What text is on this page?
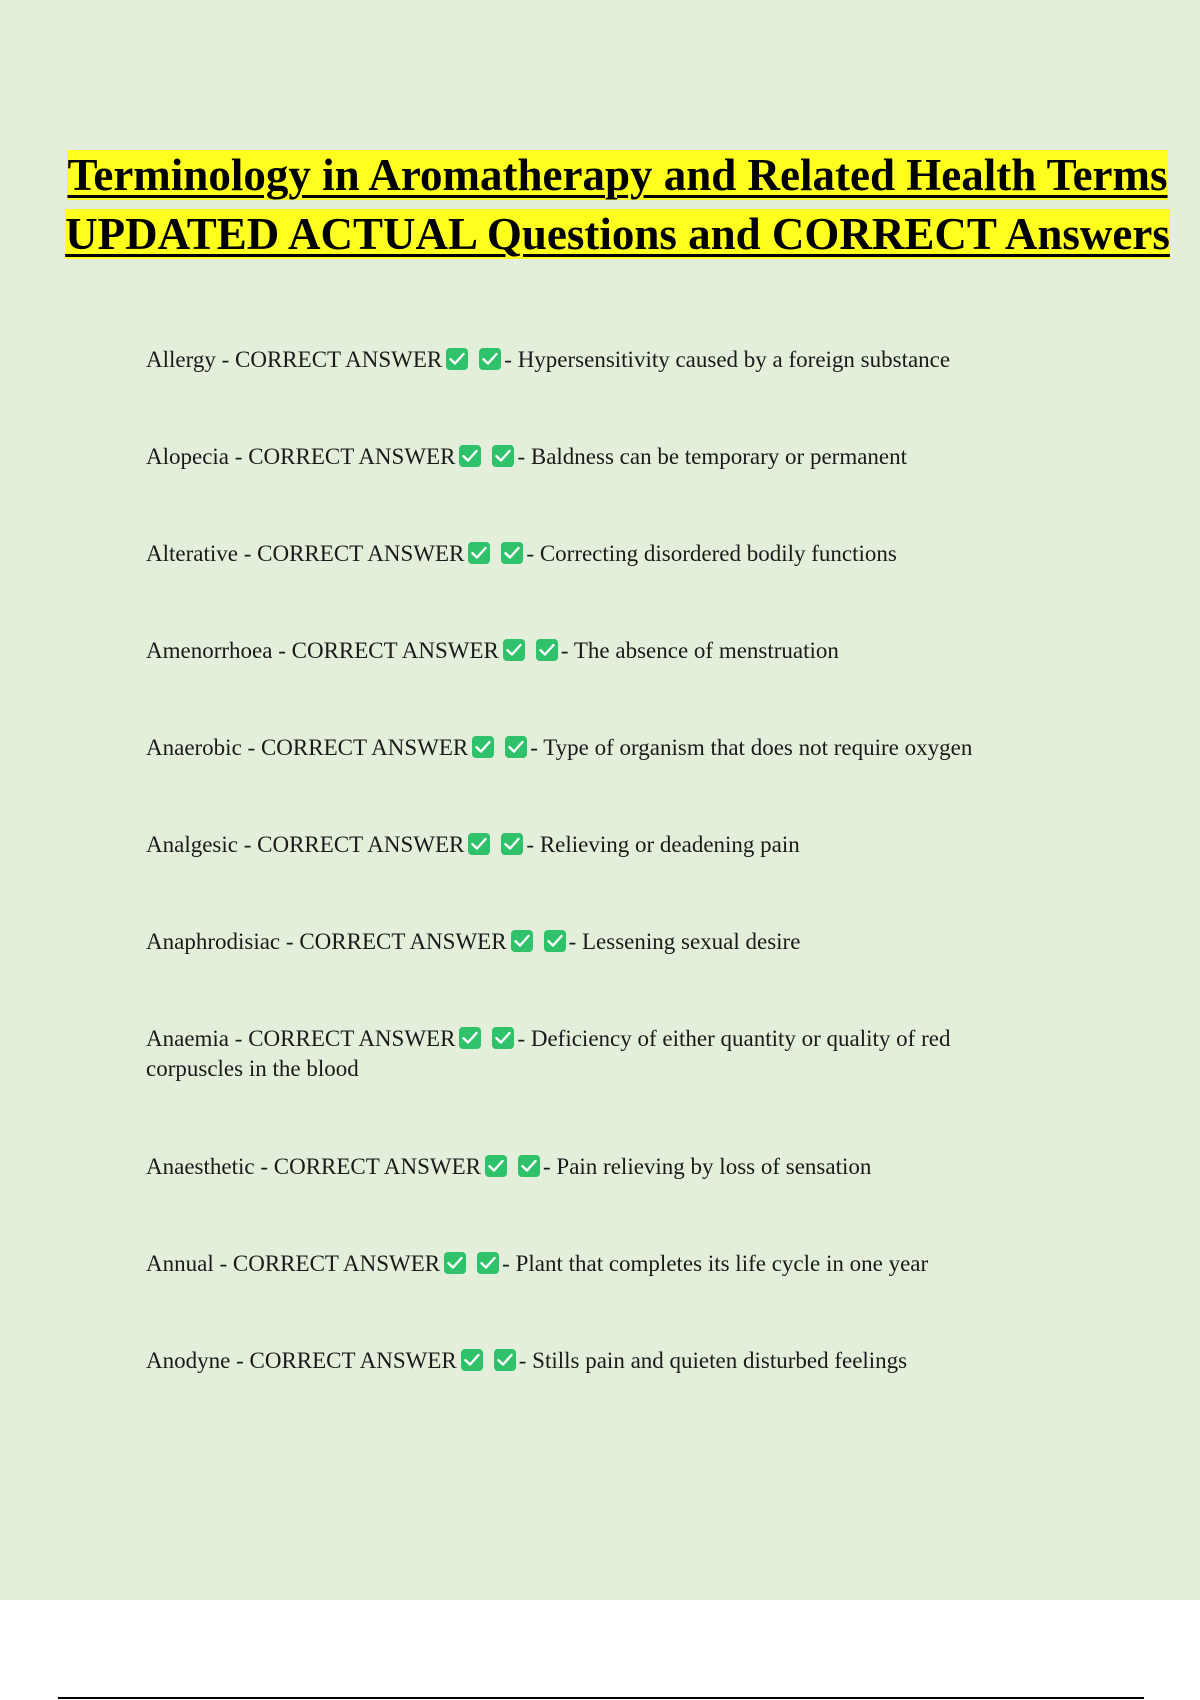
Terminology in Aromatherapy and Related Health Terms UPDATED ACTUAL Questions and CORRECT Answers
Allergy - CORRECT ANSWER	- Hypersensitivity caused by a foreign substance
Alopecia - CORRECT ANSWER	- Baldness can be temporary or permanent
Alterative - CORRECT ANSWER	- Correcting disordered bodily functions
Amenorrhoea - CORRECT ANSWER	- The absence of menstruation
Anaerobic - CORRECT ANSWER	- Type of organism that does not require oxygen
Analgesic - CORRECT ANSWER	- Relieving or deadening pain
Anaphrodisiac - CORRECT ANSWER	- Lessening sexual desire
Anaemia - CORRECT ANSWER	- Deficiency of either quantity or quality of red corpuscles in the blood
Anaesthetic - CORRECT ANSWER	- Pain relieving by loss of sensation
Annual - CORRECT ANSWER	- Plant that completes its life cycle in one year
Anodyne - CORRECT ANSWER	- Stills pain and quieten disturbed feelings
